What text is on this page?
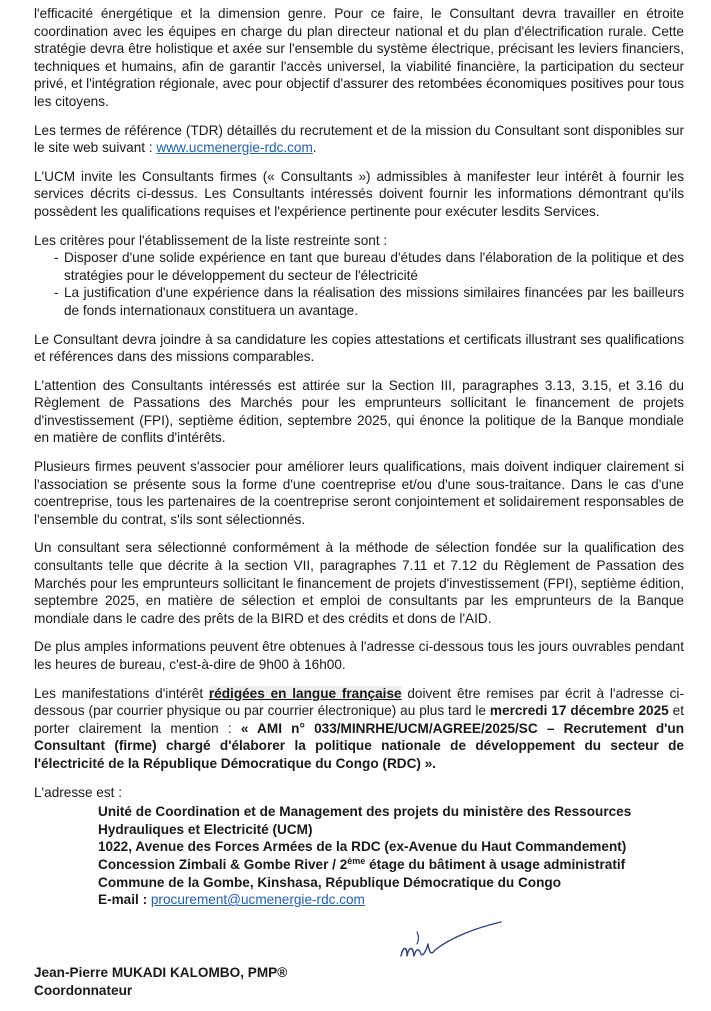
l'efficacité énergétique et la dimension genre. Pour ce faire, le Consultant devra travailler en étroite coordination avec les équipes en charge du plan directeur national et du plan d'électrification rurale. Cette stratégie devra être holistique et axée sur l'ensemble du système électrique, précisant les leviers financiers, techniques et humains, afin de garantir l'accès universel, la viabilité financière, la participation du secteur privé, et l'intégration régionale, avec pour objectif d'assurer des retombées économiques positives pour tous les citoyens.

Les termes de référence (TDR) détaillés du recrutement et de la mission du Consultant sont disponibles sur le site web suivant : www.ucmenergie-rdc.com.

L'UCM invite les Consultants firmes (« Consultants ») admissibles à manifester leur intérêt à fournir les services décrits ci-dessus. Les Consultants intéressés doivent fournir les informations démontrant qu'ils possèdent les qualifications requises et l'expérience pertinente pour exécuter lesdits Services.

Les critères pour l'établissement de la liste restreinte sont :

- Disposer d'une solide expérience en tant que bureau d'études dans l'élaboration de la politique et des stratégies pour le développement du secteur de l'électricité
- La justification d'une expérience dans la réalisation des missions similaires financées par les bailleurs de fonds internationaux constituera un avantage.

Le Consultant devra joindre à sa candidature les copies attestations et certificats illustrant ses qualifications et références dans des missions comparables.

L'attention des Consultants intéressés est attirée sur la Section III, paragraphes 3.13, 3.15, et 3.16 du Règlement de Passations des Marchés pour les emprunteurs sollicitant le financement de projets d'investissement (FPI), septième édition, septembre 2025, qui énonce la politique de la Banque mondiale en matière de conflits d'intérêts.

Plusieurs firmes peuvent s'associer pour améliorer leurs qualifications, mais doivent indiquer clairement si l'association se présente sous la forme d'une coentreprise et/ou d'une sous-traitance. Dans le cas d'une coentreprise, tous les partenaires de la coentreprise seront conjointement et solidairement responsables de l'ensemble du contrat, s'ils sont sélectionnés.

Un consultant sera sélectionné conformément à la méthode de sélection fondée sur la qualification des consultants telle que décrite à la section VII, paragraphes 7.11 et 7.12 du Règlement de Passation des Marchés pour les emprunteurs sollicitant le financement de projets d'investissement (FPI), septième édition, septembre 2025, en matière de sélection et emploi de consultants par les emprunteurs de la Banque mondiale dans le cadre des prêts de la BIRD et des crédits et dons de l'AID.

De plus amples informations peuvent être obtenues à l'adresse ci-dessous tous les jours ouvrables pendant les heures de bureau, c'est-à-dire de 9h00 à 16h00.

Les manifestations d'intérêt rédigées en langue française doivent être remises par écrit à l'adresse ci-dessous (par courrier physique ou par courrier électronique) au plus tard le mercredi 17 décembre 2025 et porter clairement la mention : « AMI n° 033/MINRHE/UCM/AGREE/2025/SC – Recrutement d'un Consultant (firme) chargé d'élaborer la politique nationale de développement du secteur de l'électricité de la République Démocratique du Congo (RDC) ».

L'adresse est :

Unité de Coordination et de Management des projets du ministère des Ressources Hydrauliques et Electricité (UCM)
1022, Avenue des Forces Armées de la RDC (ex-Avenue du Haut Commandement)
Concession Zimbali & Gombe River / 2ème étage du bâtiment à usage administratif
Commune de la Gombe, Kinshasa, République Démocratique du Congo
E-mail : procurement@ucmenergie-rdc.com
Jean-Pierre MUKADI KALOMBO, PMP®
Coordonnateur
